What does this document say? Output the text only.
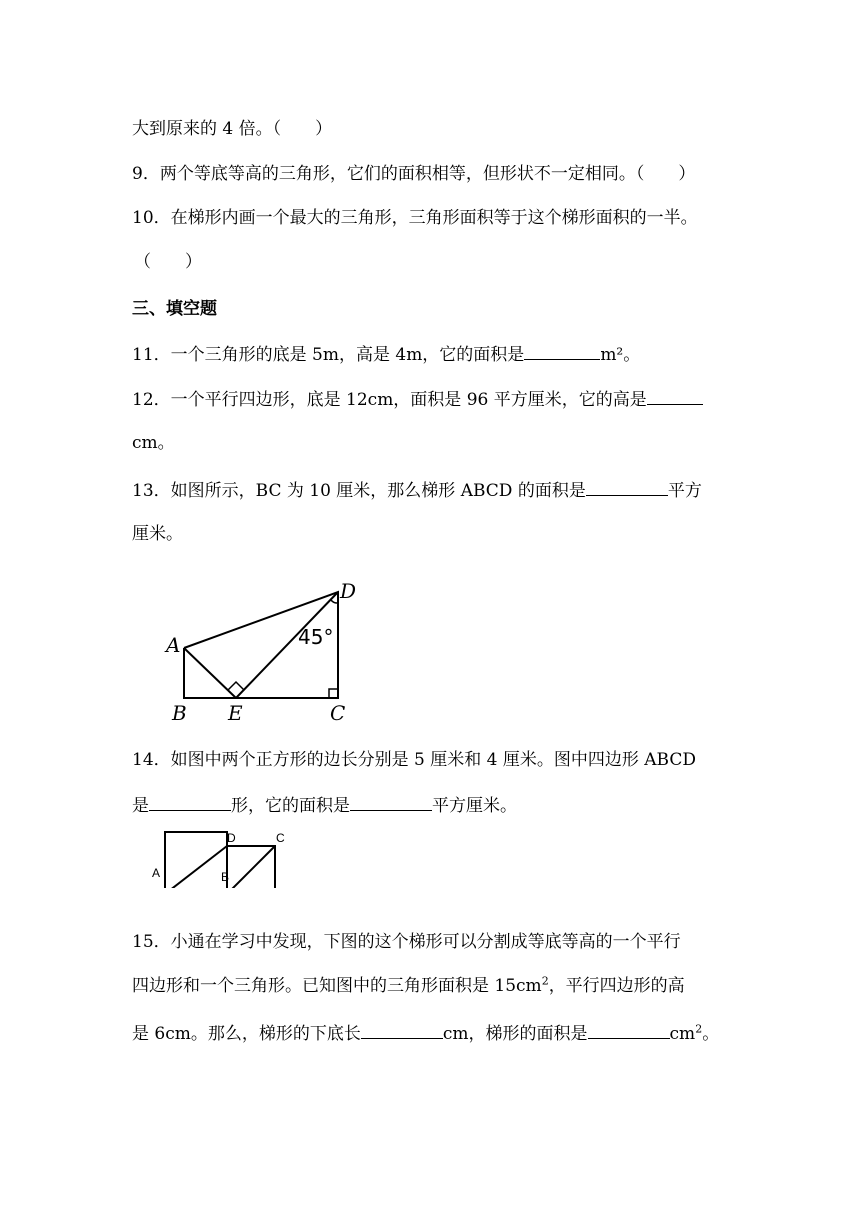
大到原来的 4 倍。（　　）
9．两个等底等高的三角形，它们的面积相等，但形状不一定相同。（　　）
10．在梯形内画一个最大的三角形，三角形面积等于这个梯形面积的一半。
（　　）
三、填空题
11．一个三角形的底是 5m，高是 4m，它的面积是	m²。
12．一个平行四边形，底是 12cm，面积是 96 平方厘米，它的高是
cm。
13．如图所示，BC 为 10 厘米，那么梯形 ABCD 的面积是	平方
厘米。
A
B E	C
D
45°
14．如图中两个正方形的边长分别是 5 厘米和 4 厘米。图中四边形 ABCD
是	形，它的面积是	平方厘米。
D	C
A	B
15．小通在学习中发现，下图的这个梯形可以分割成等底等高的一个平行
四边形和一个三角形。已知图中的三角形面积是 $15cm^2$，平行四边形的高
是 6cm。那么，梯形的下底长	cm，梯形的面积是	$cm^2$。
